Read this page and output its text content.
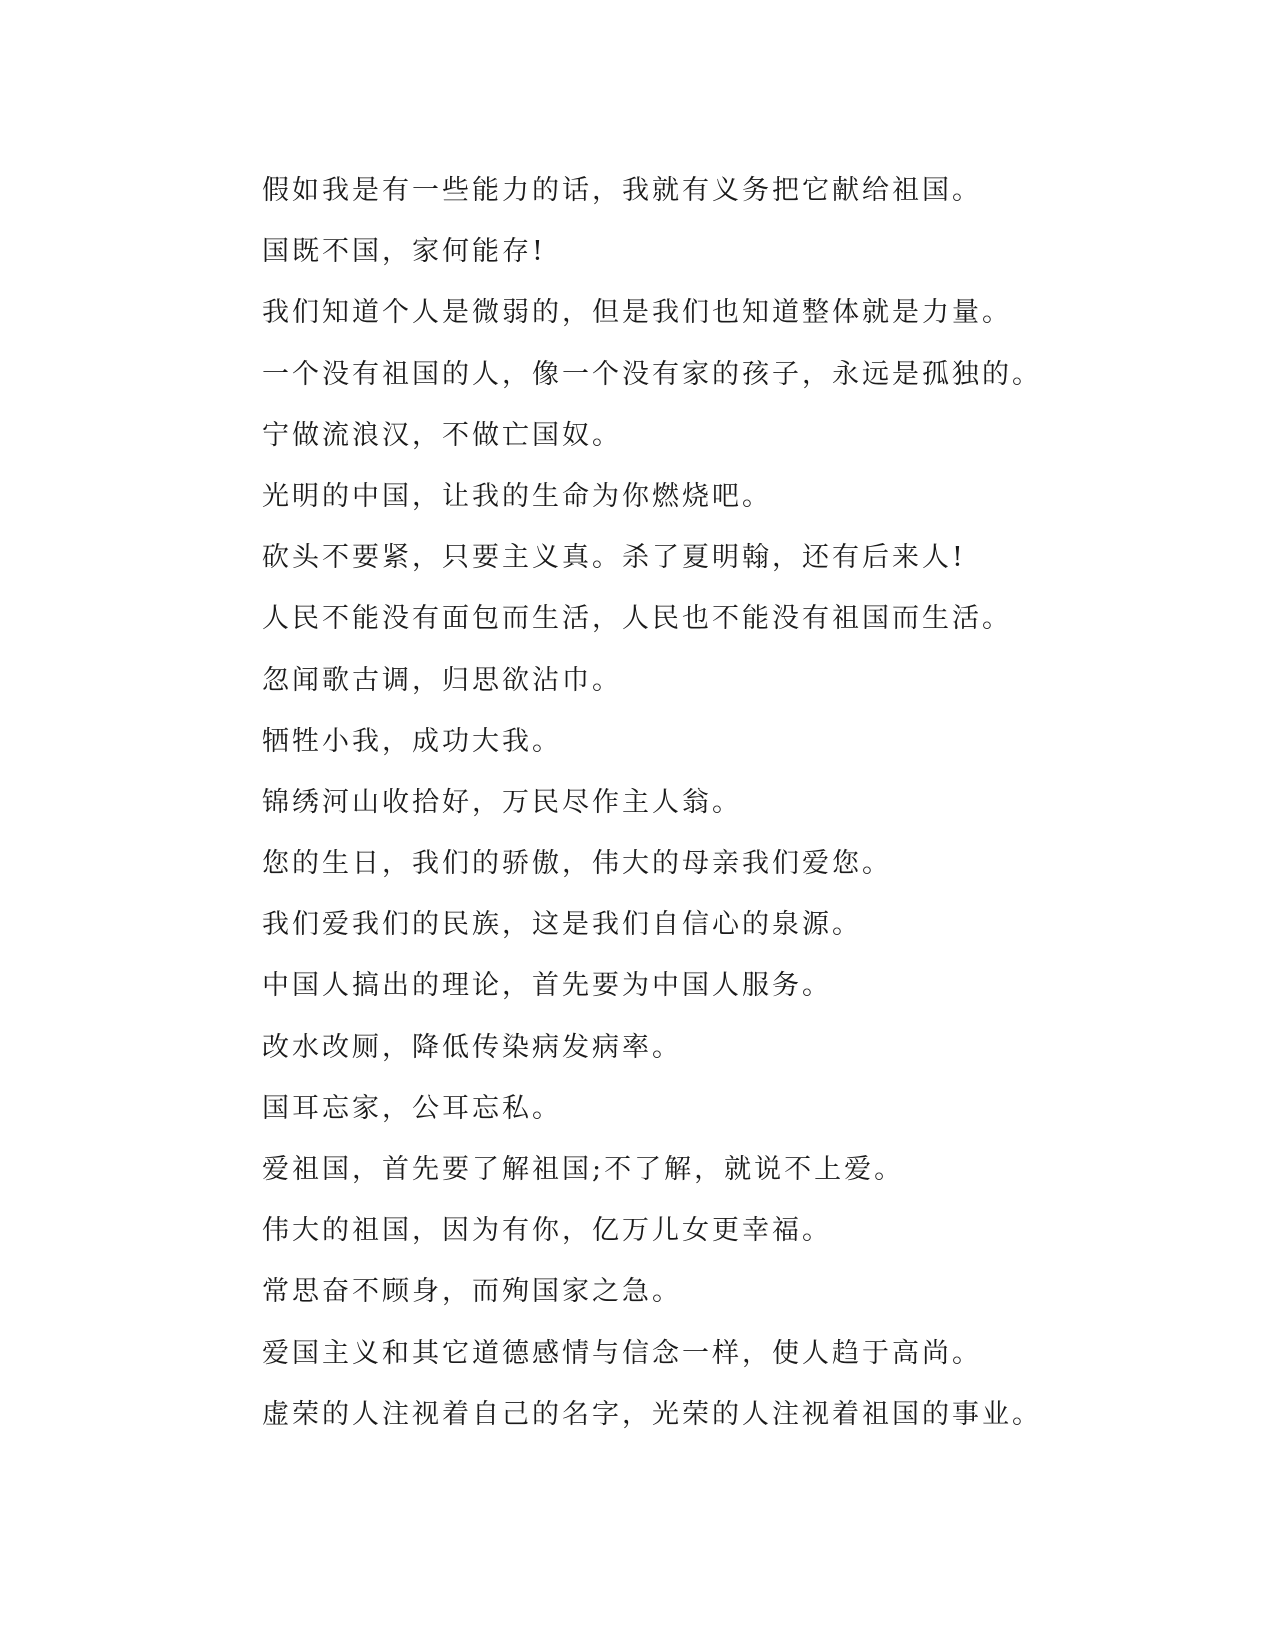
假如我是有一些能力的话，我就有义务把它献给祖国。

国既不国，家何能存!

我们知道个人是微弱的，但是我们也知道整体就是力量。

一个没有祖国的人，像一个没有家的孩子，永远是孤独的。

宁做流浪汉，不做亡国奴。

光明的中国，让我的生命为你燃烧吧。

砍头不要紧，只要主义真。杀了夏明翰，还有后来人!

人民不能没有面包而生活，人民也不能没有祖国而生活。

忽闻歌古调，归思欲沾巾。

牺牲小我，成功大我。

锦绣河山收拾好，万民尽作主人翁。

您的生日，我们的骄傲，伟大的母亲我们爱您。

我们爱我们的民族，这是我们自信心的泉源。

中国人搞出的理论，首先要为中国人服务。

改水改厕，降低传染病发病率。

国耳忘家，公耳忘私。

爱祖国，首先要了解祖国;不了解，就说不上爱。

伟大的祖国，因为有你，亿万儿女更幸福。

常思奋不顾身，而殉国家之急。

爱国主义和其它道德感情与信念一样，使人趋于高尚。

虚荣的人注视着自己的名字，光荣的人注视着祖国的事业。
